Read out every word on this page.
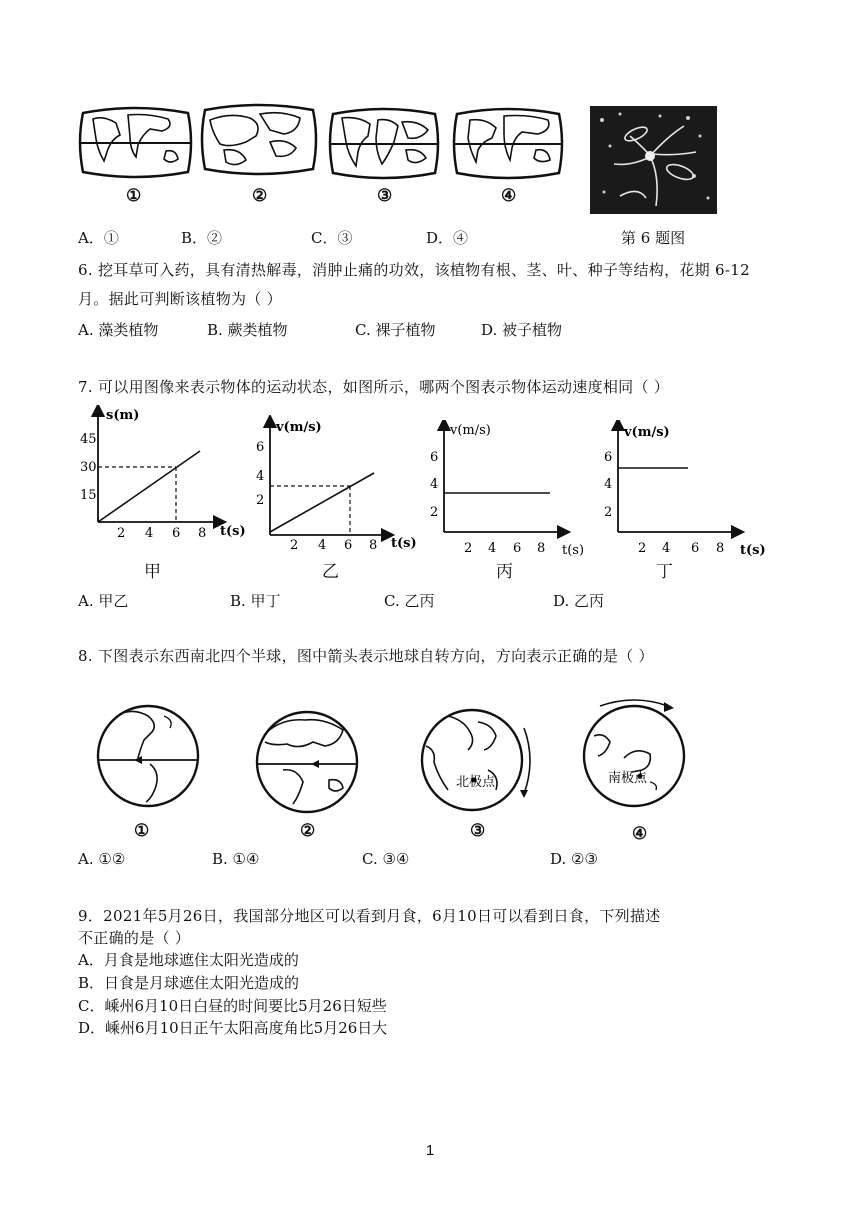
①	②	③	④
A．①	B．②	C．③	D．④	第 6 题图
6. 挖耳草可入药，具有清热解毒，消肿止痛的功效，该植物有根、茎、叶、种子等结构，花期 6-12
月。据此可判断该植物为（ ）
A. 藻类植物	B. 蕨类植物	C. 裸子植物	D. 被子植物
7. 可以用图像来表示物体的运动状态，如图所示，哪两个图表示物体运动速度相同（ ）
s(m)
15
30
45
2 4 6 8 t(s)
甲
v(m/s)
2
4
6
2 4 6 8 t(s)
乙
v(m/s)
2
4
6
2 4 6 8 t(s)
丙
v(m/s)
2
4
6
2 4 6 8 t(s)
丁
A. 甲乙	B. 甲丁	C. 乙丙	D. 乙丙
8. 下图表示东西南北四个半球，图中箭头表示地球自转方向，方向表示正确的是（ ）
北极点	南极点
①	②	③	④
A. ①②	B. ①④	C. ③④	D. ②③
9．2021年5月26日，我国部分地区可以看到月食，6月10日可以看到日食，下列描述
不正确的是（ ）
A．月食是地球遮住太阳光造成的
B．日食是月球遮住太阳光造成的
C．嵊州6月10日白昼的时间要比5月26日短些
D．嵊州6月10日正午太阳高度角比5月26日大
1
